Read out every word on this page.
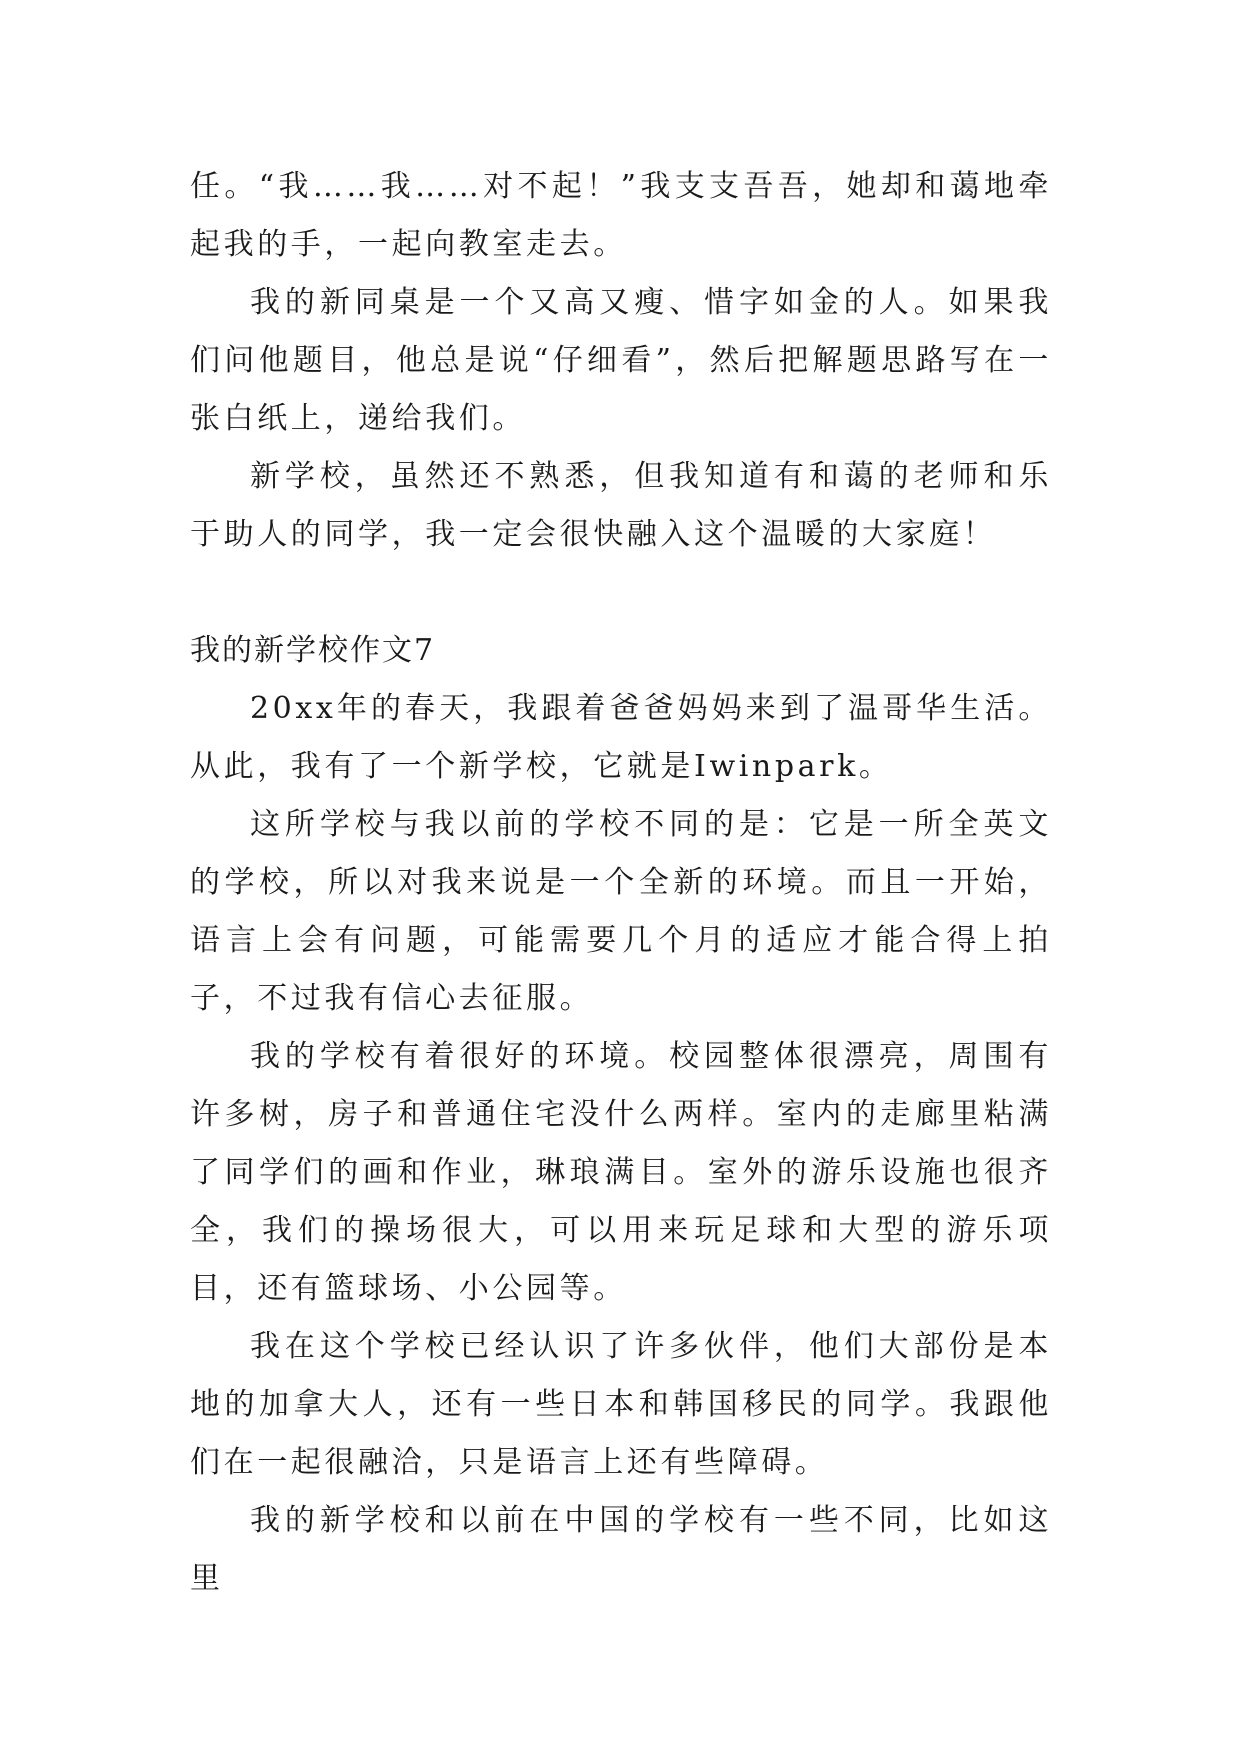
任。“我……我……对不起！”我支支吾吾，她却和蔼地牵起我的手，一起向教室走去。

我的新同桌是一个又高又瘦、惜字如金的人。如果我们问他题目，他总是说“仔细看”，然后把解题思路写在一张白纸上，递给我们。

新学校，虽然还不熟悉，但我知道有和蔼的老师和乐于助人的同学，我一定会很快融入这个温暖的大家庭！

我的新学校作文7

20xx年的春天，我跟着爸爸妈妈来到了温哥华生活。从此，我有了一个新学校，它就是Iwinpark。

这所学校与我以前的学校不同的是：它是一所全英文的学校，所以对我来说是一个全新的环境。而且一开始，语言上会有问题，可能需要几个月的适应才能合得上拍子，不过我有信心去征服。

我的学校有着很好的环境。校园整体很漂亮，周围有许多树，房子和普通住宅没什么两样。室内的走廊里粘满了同学们的画和作业，琳琅满目。室外的游乐设施也很齐全，我们的操场很大，可以用来玩足球和大型的游乐项目，还有篮球场、小公园等。

我在这个学校已经认识了许多伙伴，他们大部份是本地的加拿大人，还有一些日本和韩国移民的同学。我跟他们在一起很融洽，只是语言上还有些障碍。

我的新学校和以前在中国的学校有一些不同，比如这里
